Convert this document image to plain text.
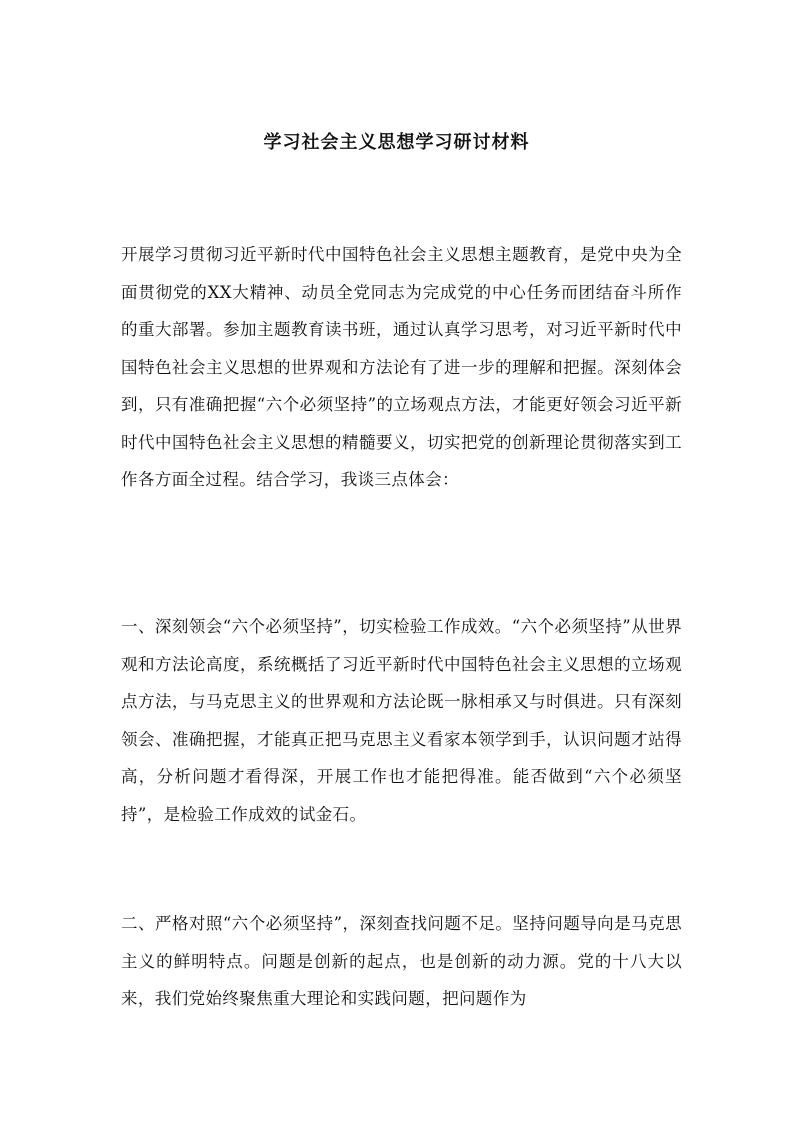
学习社会主义思想学习研讨材料

开展学习贯彻习近平新时代中国特色社会主义思想主题教育，是党中央为全面贯彻党的XX大精神、动员全党同志为完成党的中心任务而团结奋斗所作的重大部署。参加主题教育读书班，通过认真学习思考，对习近平新时代中国特色社会主义思想的世界观和方法论有了进一步的理解和把握。深刻体会到，只有准确把握“六个必须坚持”的立场观点方法，才能更好领会习近平新时代中国特色社会主义思想的精髓要义，切实把党的创新理论贯彻落实到工作各方面全过程。结合学习，我谈三点体会：

一、深刻领会“六个必须坚持”，切实检验工作成效。“六个必须坚持”从世界观和方法论高度，系统概括了习近平新时代中国特色社会主义思想的立场观点方法，与马克思主义的世界观和方法论既一脉相承又与时俱进。只有深刻领会、准确把握，才能真正把马克思主义看家本领学到手，认识问题才站得高，分析问题才看得深，开展工作也才能把得准。能否做到“六个必须坚持”，是检验工作成效的试金石。

二、严格对照“六个必须坚持”，深刻查找问题不足。坚持问题导向是马克思主义的鲜明特点。问题是创新的起点，也是创新的动力源。党的十八大以来，我们党始终聚焦重大理论和实践问题，把问题作为
